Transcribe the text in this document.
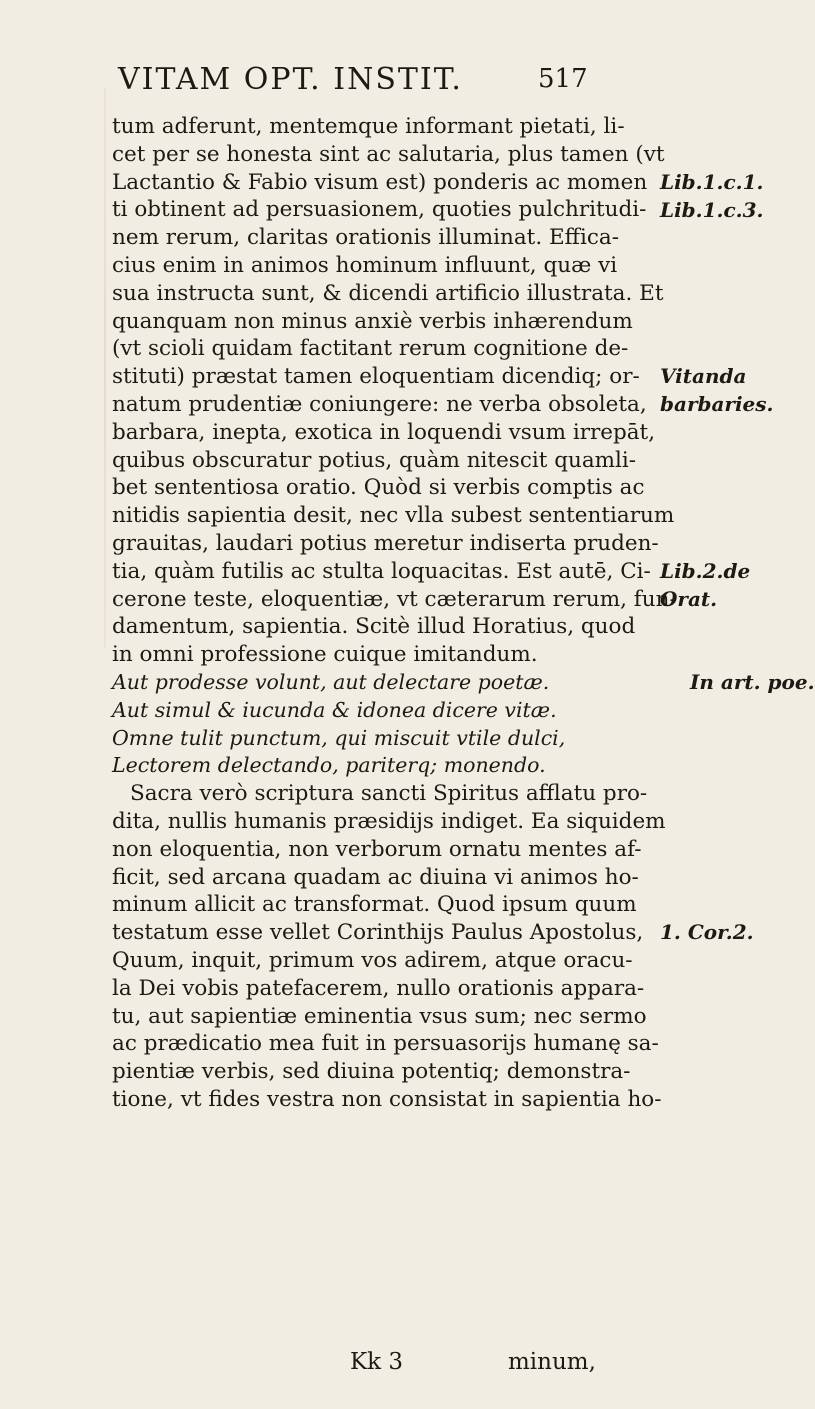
VITAM OPT. INSTIT.	517
tum adferunt, mentemque informant pietati, li-
cet per se honesta sint ac salutaria, plus tamen (vt
Lactantio & Fabio visum est) ponderis ac momen
ti obtinent ad persuasionem, quoties pulchritudi-
nem rerum, claritas orationis illuminat. Effica-
cius enim in animos hominum influunt, quæ vi
sua instructa sunt, & dicendi artificio illustrata. Et
quanquam non minus anxiè verbis inhærendum
(vt scioli quidam factitant rerum cognitione de-
stituti) præstat tamen eloquentiam dicendiq; or-
natum prudentiæ coniungere: ne verba obsoleta,
barbara, inepta, exotica in loquendi vsum irrepāt,
quibus obscuratur potius, quàm nitescit quamli-
bet sententiosa oratio. Quòd si verbis comptis ac
nitidis sapientia desit, nec vlla subest sententiarum
grauitas, laudari potius meretur indiserta pruden-
tia, quàm futilis ac stulta loquacitas. Est autē, Ci-
cerone teste, eloquentiæ, vt cæterarum rerum, fun-
damentum, sapientia. Scitè illud Horatius, quod
in omni professione cuique imitandum.
Aut prodesse volunt, aut delectare poetæ.
Aut simul & iucunda & idonea dicere vitæ.
Omne tulit punctum, qui miscuit vtile dulci,
Lectorem delectando, pariterq; monendo.
Sacra verò scriptura sancti Spiritus afflatu pro-
dita, nullis humanis præsidijs indiget. Ea siquidem
non eloquentia, non verborum ornatu mentes af-
ficit, sed arcana quadam ac diuina vi animos ho-
minum allicit ac transformat. Quod ipsum quum
testatum esse vellet Corinthijs Paulus Apostolus,
Quum, inquit, primum vos adirem, atque oracu-
la Dei vobis patefacerem, nullo orationis appara-
tu, aut sapientiæ eminentia vsus sum; nec sermo
ac prædicatio mea fuit in persuasorijs humanę sa-
pientiæ verbis, sed diuina potentiq; demonstra-
tione, vt fides vestra non consistat in sapientia ho-
Lib.1.c.1.
Lib.1.c.3.
Vitanda
barbaries.
Lib.2.de
Orat.
In art. poe.
1. Cor.2.
Kk 3	minum,
